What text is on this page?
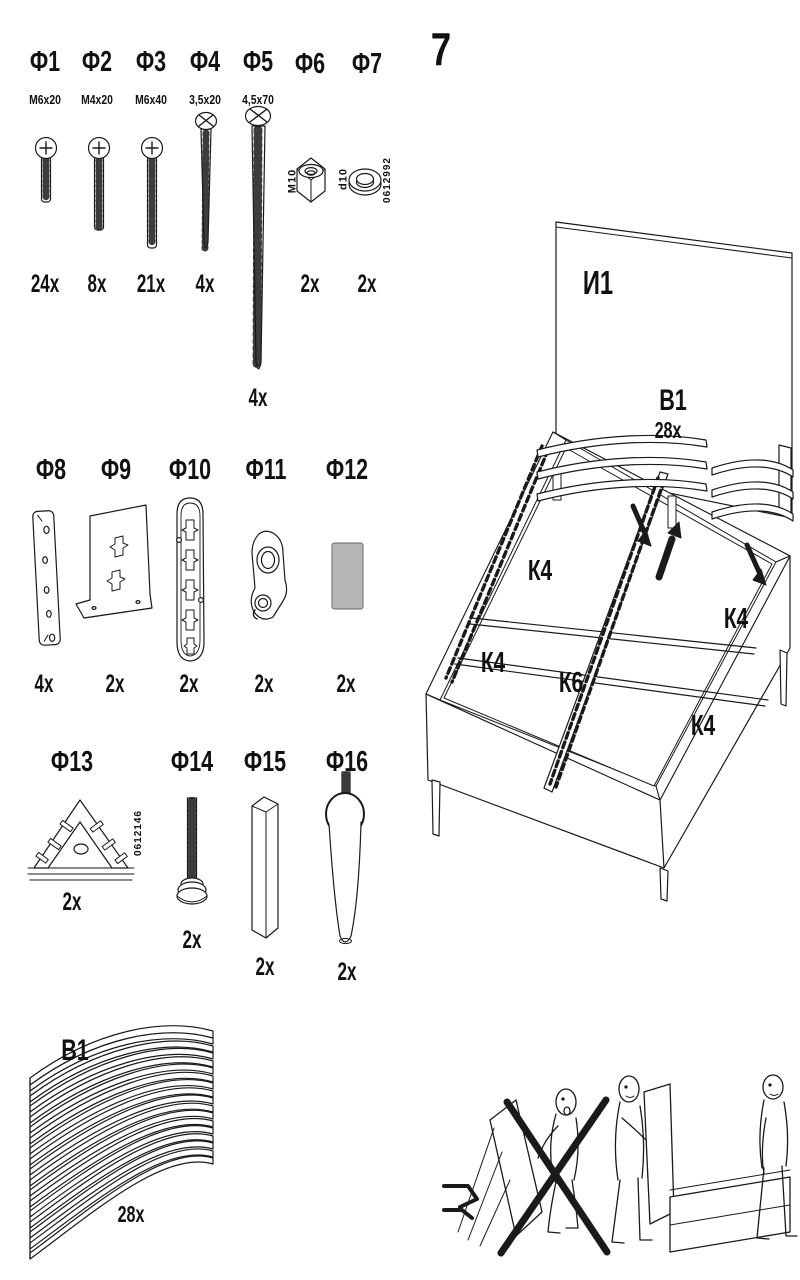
7
Ф1 Ф2 Ф3 Ф4 Ф5 Ф6 Ф7
M6x20 M4x20 M6x40 3,5x20 4,5x70
M10	d10	0612992
0612146
24x 8x 21x 4x
4x
2x 2x
Ф8 Ф9 Ф10 Ф11 Ф12
4x 2x 2x 2x	2x
Ф13	Ф14 Ф15 Ф16
2x
2x
2x	2x
В1
28x
И1
В1
28x
К4
К4
К4
К4
К6
